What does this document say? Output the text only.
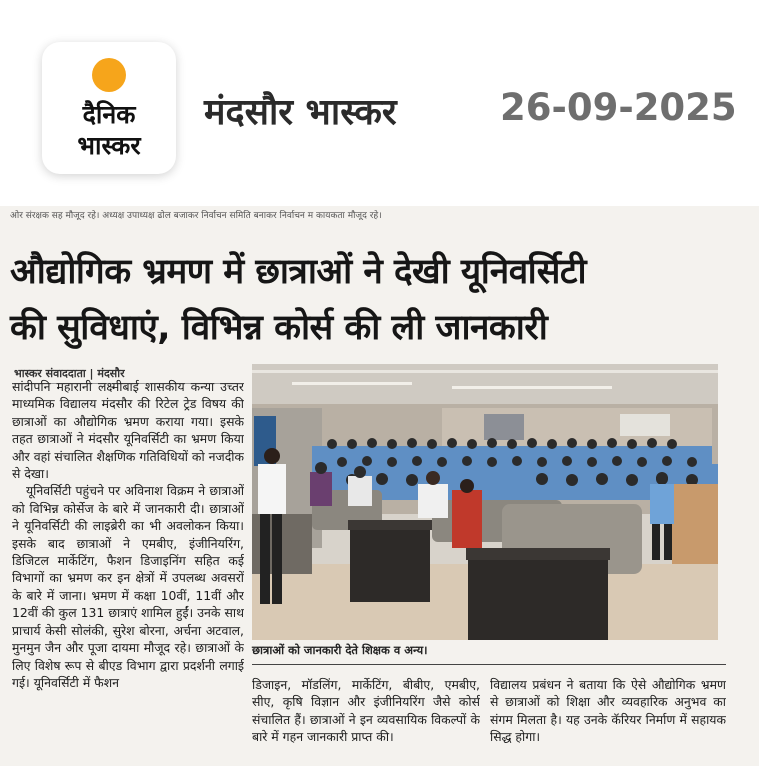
दैनिक
भास्कर
मंदसौर भास्कर	26-09-2025
ओर संरक्षक सह मौजूद रहे। अध्यक्ष उपाध्यक्ष ढोल बजाकर निर्वाचन समिति बनाकर निर्वाचन म कायकता मौजूद रहे।
औद्योगिक भ्रमण में छात्राओं ने देखी यूनिवर्सिटी
की सुविधाएं, विभिन्न कोर्स की ली जानकारी
भास्कर संवाददाता | मंदसौर

सांदीपनि महारानी लक्ष्मीबाई शासकीय कन्या उच्तर माध्यमिक विद्यालय मंदसौर की रिटेल ट्रेड विषय की छात्राओं का औद्योगिक भ्रमण कराया गया। इसके तहत छात्राओं ने मंदसौर यूनिवर्सिटी का भ्रमण किया और वहां संचालित शैक्षणिक गतिविधियों को नजदीक से देखा।

यूनिवर्सिटी पहुंचने पर अविनाश विक्रम ने छात्राओं को विभिन्न कोर्सेज के बारे में जानकारी दी। छात्राओं ने यूनिवर्सिटी की लाइब्रेरी का भी अवलोकन किया। इसके बाद छात्राओं ने एमबीए, इंजीनियरिंग, डिजिटल मार्केटिंग, फैशन डिजाइनिंग सहित कई विभागों का भ्रमण कर इन क्षेत्रों में उपलब्ध अवसरों के बारे में जाना। भ्रमण में कक्षा 10वीं, 11वीं और 12वीं की कुल 131 छात्राएं शामिल हुईं। उनके साथ प्राचार्य केसी सोलंकी, सुरेश बोरना, अर्चना अटवाल, मुनमुन जैन और पूजा दायमा मौजूद रहे। छात्राओं के लिए विशेष रूप से बीएड विभाग द्वारा प्रदर्शनी लगाई गई। यूनिवर्सिटी में फैशन

छात्राओं को जानकारी देते शिक्षक व अन्य।
डिजाइन, मॉडलिंग, मार्केटिंग, बीबीए, एमबीए, सीए, कृषि विज्ञान और इंजीनियरिंग जैसे कोर्स संचालित हैं। छात्राओं ने इन व्यवसायिक विकल्पों के बारे में गहन जानकारी प्राप्त की।
विद्यालय प्रबंधन ने बताया कि ऐसे औद्योगिक भ्रमण से छात्राओं को शिक्षा और व्यवहारिक अनुभव का संगम मिलता है। यह उनके कॅरियर निर्माण में सहायक सिद्ध होगा।
